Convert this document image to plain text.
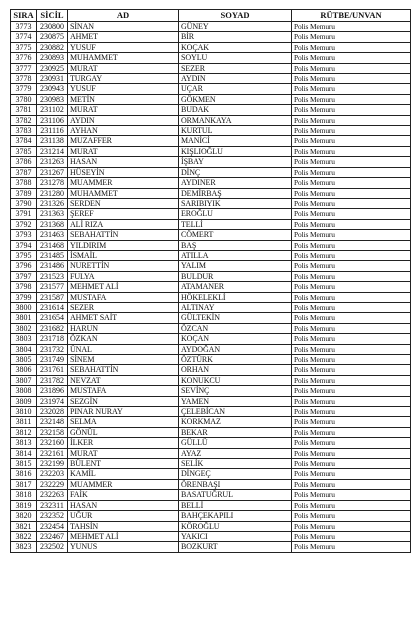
SIRA	SİCİL	AD	SOYAD	RÜTBE/UNVAN
3773	230800	SİNAN	GÜNEY	Polis Memuru
3774	230875	AHMET	BİR	Polis Memuru
3775	230882	YUSUF	KOÇAK	Polis Memuru
3776	230893	MUHAMMET	SOYLU	Polis Memuru
3777	230925	MURAT	SEZER	Polis Memuru
3778	230931	TURGAY	AYDIN	Polis Memuru
3779	230943	YUSUF	UÇAR	Polis Memuru
3780	230983	METİN	GÖKMEN	Polis Memuru
3781	231102	MURAT	BUDAK	Polis Memuru
3782	231106	AYDIN	ORMANKAYA	Polis Memuru
3783	231116	AYHAN	KURTUL	Polis Memuru
3784	231138	MUZAFFER	MANİCİ	Polis Memuru
3785	231214	MURAT	KIŞLIOĞLU	Polis Memuru
3786	231263	HASAN	İŞBAY	Polis Memuru
3787	231267	HÜSEYİN	DİNÇ	Polis Memuru
3788	231278	MUAMMER	AYDINER	Polis Memuru
3789	231280	MUHAMMET	DEMİRBAŞ	Polis Memuru
3790	231326	SERDEN	SARIBIYIK	Polis Memuru
3791	231363	ŞEREF	EROĞLU	Polis Memuru
3792	231368	ALİ RIZA	TELLİ	Polis Memuru
3793	231463	SEBAHATTİN	CÖMERT	Polis Memuru
3794	231468	YILDIRIM	BAŞ	Polis Memuru
3795	231485	İSMAİL	ATILLA	Polis Memuru
3796	231486	NURETTİN	YALIM	Polis Memuru
3797	231523	FULYA	BULDUR	Polis Memuru
3798	231577	MEHMET ALİ	ATAMANER	Polis Memuru
3799	231587	MUSTAFA	HÖKELEKLİ	Polis Memuru
3800	231614	SEZER	ALTINAY	Polis Memuru
3801	231654	AHMET SAİT	GÜLTEKİN	Polis Memuru
3802	231682	HARUN	ÖZCAN	Polis Memuru
3803	231718	ÖZKAN	KOÇAN	Polis Memuru
3804	231732	ÜNAL	AYDOĞAN	Polis Memuru
3805	231749	SİNEM	ÖZTÜRK	Polis Memuru
3806	231761	SEBAHATTİN	ORHAN	Polis Memuru
3807	231782	NEVZAT	KONUKCU	Polis Memuru
3808	231896	MUSTAFA	SEVİNÇ	Polis Memuru
3809	231974	SEZGİN	YAMEN	Polis Memuru
3810	232028	PINAR NURAY	ÇELEBİCAN	Polis Memuru
3811	232148	SELMA	KORKMAZ	Polis Memuru
3812	232158	GÖNÜL	BEKAR	Polis Memuru
3813	232160	İLKER	GÜLLÜ	Polis Memuru
3814	232161	MURAT	AYAZ	Polis Memuru
3815	232199	BÜLENT	SELİK	Polis Memuru
3816	232203	KAMİL	DİNGEÇ	Polis Memuru
3817	232229	MUAMMER	ÖRENBAŞI	Polis Memuru
3818	232263	FAİK	BASATUĞRUL	Polis Memuru
3819	232311	HASAN	BELLİ	Polis Memuru
3820	232352	UĞUR	BAHÇEKAPILI	Polis Memuru
3821	232454	TAHSİN	KÖROĞLU	Polis Memuru
3822	232467	MEHMET ALİ	YAKICI	Polis Memuru
3823	232502	YUNUS	BOZKURT	Polis Memuru
